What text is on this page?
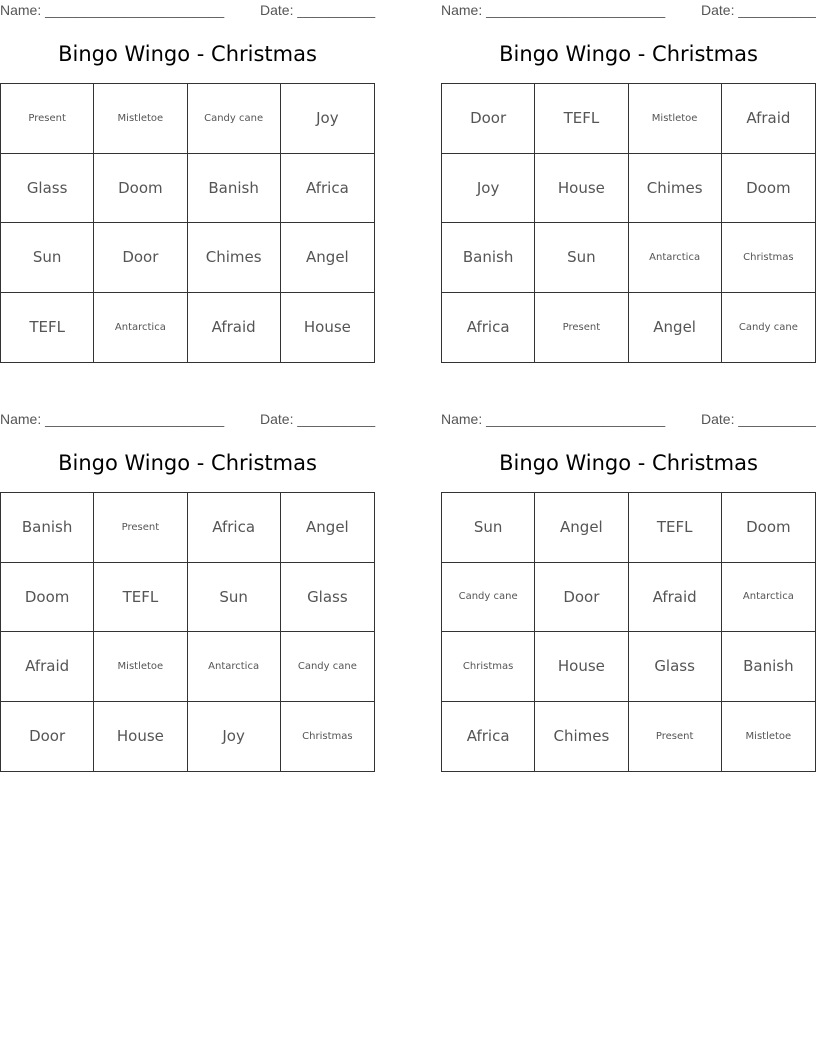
Name: _______________________	Date: __________
Bingo Wingo - Christmas
Present	Mistletoe	Candy cane	Joy
Glass	Doom	Banish	Africa
Sun	Door	Chimes	Angel
TEFL	Antarctica	Afraid	House
Name: _______________________	Date: __________
Bingo Wingo - Christmas
Door	TEFL	Mistletoe	Afraid
Joy	House	Chimes	Doom
Banish	Sun	Antarctica	Christmas
Africa	Present	Angel	Candy cane
Name: _______________________	Date: __________
Bingo Wingo - Christmas
Banish	Present	Africa	Angel
Doom	TEFL	Sun	Glass
Afraid	Mistletoe	Antarctica	Candy cane
Door	House	Joy	Christmas
Name: _______________________	Date: __________
Bingo Wingo - Christmas
Sun	Angel	TEFL	Doom
Candy cane	Door	Afraid	Antarctica
Christmas	House	Glass	Banish
Africa	Chimes	Present	Mistletoe
